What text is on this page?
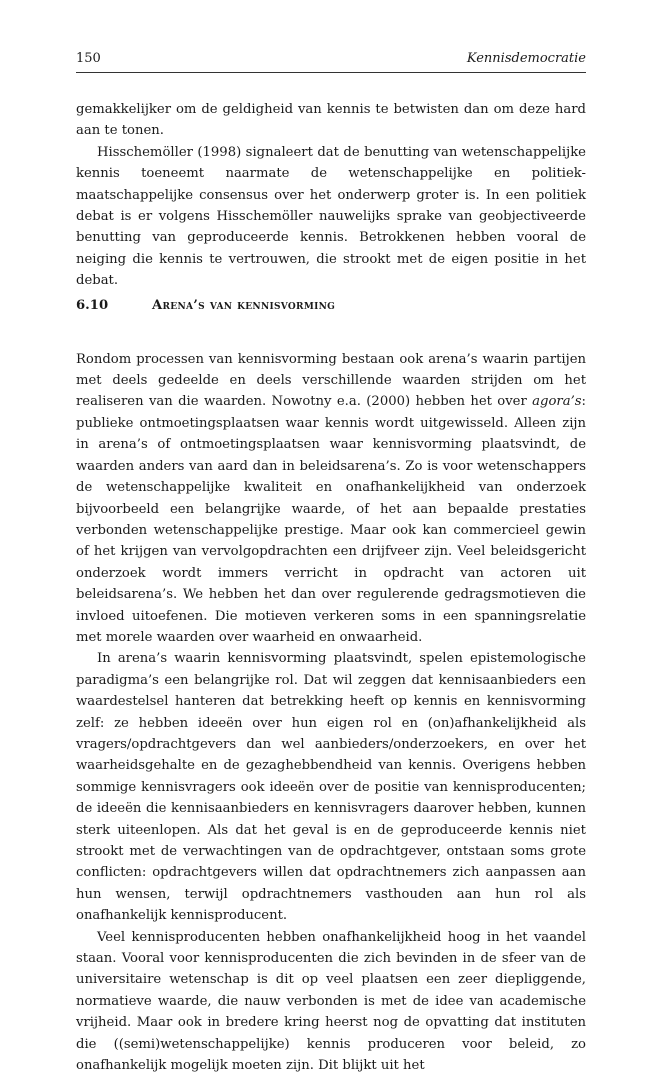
150	Kennisdemocratie

gemakkelijker om de geldigheid van kennis te betwisten dan om deze hard aan te tonen.

Hisschemöller (1998) signaleert dat de benutting van wetenschappelijke kennis toeneemt naarmate de wetenschappelijke en politiek-maatschappelijke consensus over het onderwerp groter is. In een politiek debat is er volgens Hisschemöller nauwelijks sprake van geobjectiveerde benutting van geproduceerde kennis. Betrokkenen hebben vooral de neiging die kennis te vertrouwen, die strookt met de eigen positie in het debat.

6.10	Arena’s van kennisvorming

Rondom processen van kennisvorming bestaan ook arena’s waarin partijen met deels gedeelde en deels verschillende waarden strijden om het realiseren van die waarden. Nowotny e.a. (2000) hebben het over agora’s: publieke ontmoetingsplaatsen waar kennis wordt uitgewisseld. Alleen zijn in arena’s of ontmoetingsplaatsen waar kennisvorming plaatsvindt, de waarden anders van aard dan in beleidsarena’s. Zo is voor wetenschappers de wetenschappelijke kwaliteit en onafhankelijkheid van onderzoek bijvoorbeeld een belangrijke waarde, of het aan bepaalde prestaties verbonden wetenschappelijke prestige. Maar ook kan commercieel gewin of het krijgen van vervolgopdrachten een drijfveer zijn. Veel beleidsgericht onderzoek wordt immers verricht in opdracht van actoren uit beleidsarena’s. We hebben het dan over regulerende gedragsmotieven die invloed uitoefenen. Die motieven verkeren soms in een spanningsrelatie met morele waarden over waarheid en onwaarheid.

In arena’s waarin kennisvorming plaatsvindt, spelen epistemologische paradigma’s een belangrijke rol. Dat wil zeggen dat kennisaanbieders een waardestelsel hanteren dat betrekking heeft op kennis en kennisvorming zelf: ze hebben ideeën over hun eigen rol en (on)afhankelijkheid als vragers/opdrachtgevers dan wel aanbieders/onderzoekers, en over het waarheidsgehalte en de gezaghebbendheid van kennis. Overigens hebben sommige kennisvragers ook ideeën over de positie van kennisproducenten; de ideeën die kennisaanbieders en kennisvragers daarover hebben, kunnen sterk uiteenlopen. Als dat het geval is en de geproduceerde kennis niet strookt met de verwachtingen van de opdrachtgever, ontstaan soms grote conflicten: opdrachtgevers willen dat opdrachtnemers zich aanpassen aan hun wensen, terwijl opdrachtnemers vasthouden aan hun rol als onafhankelijk kennisproducent.

Veel kennisproducenten hebben onafhankelijkheid hoog in het vaandel staan. Vooral voor kennisproducenten die zich bevinden in de sfeer van de universitaire wetenschap is dit op veel plaatsen een zeer diepliggende, normatieve waarde, die nauw verbonden is met de idee van academische vrijheid. Maar ook in bredere kring heerst nog de opvatting dat instituten die ((semi)wetenschappelijke) kennis produceren voor beleid, zo onafhankelijk mogelijk moeten zijn. Dit blijkt uit het
